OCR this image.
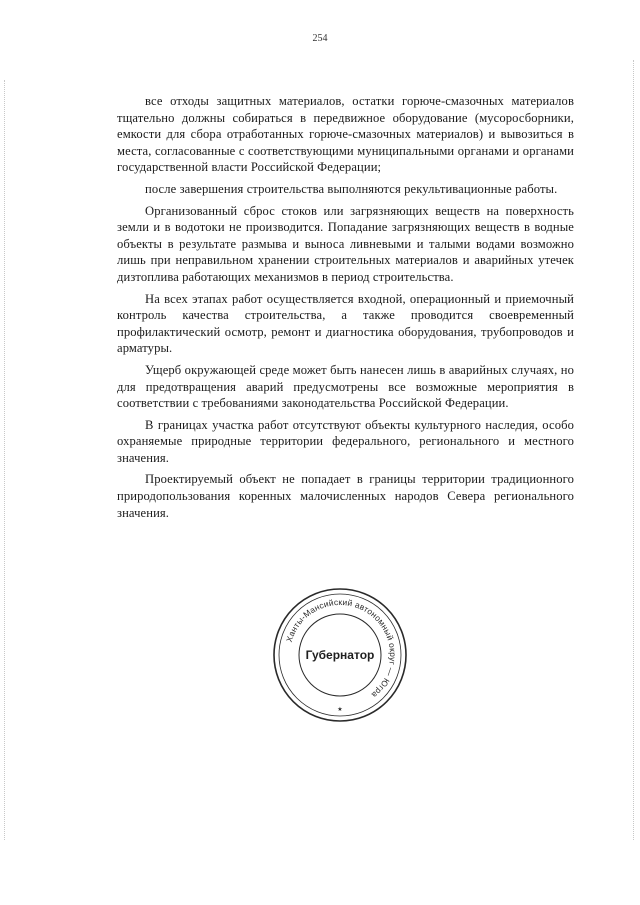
254

все отходы защитных материалов, остатки горюче-смазочных материалов тщательно должны собираться в передвижное оборудование (мусоросборники, емкости для сбора отработанных горюче-смазочных материалов) и вывозиться в места, согласованные с соответствующими муниципальными органами и органами государственной власти Российской Федерации;

после завершения строительства выполняются рекультивационные работы.

Организованный сброс стоков или загрязняющих веществ на поверхность земли и в водотоки не производится. Попадание загрязняющих веществ в водные объекты в результате размыва и выноса ливневыми и талыми водами возможно лишь при неправильном хранении строительных материалов и аварийных утечек дизтоплива работающих механизмов в период строительства.

На всех этапах работ осуществляется входной, операционный и приемочный контроль качества строительства, а также проводится своевременный профилактический осмотр, ремонт и диагностика оборудования, трубопроводов и арматуры.

Ущерб окружающей среде может быть нанесен лишь в аварийных случаях, но для предотвращения аварий предусмотрены все возможные мероприятия в соответствии с требованиями законодательства Российской Федерации.

В границах участка работ отсутствуют объекты культурного наследия, особо охраняемые природные территории федерального, регионального и местного значения.

Проектируемый объект не попадает в границы территории традиционного природопользования коренных малочисленных народов Севера регионального значения.

Ханты-Мансийский автономный округ — Югра
Губернатор
★
